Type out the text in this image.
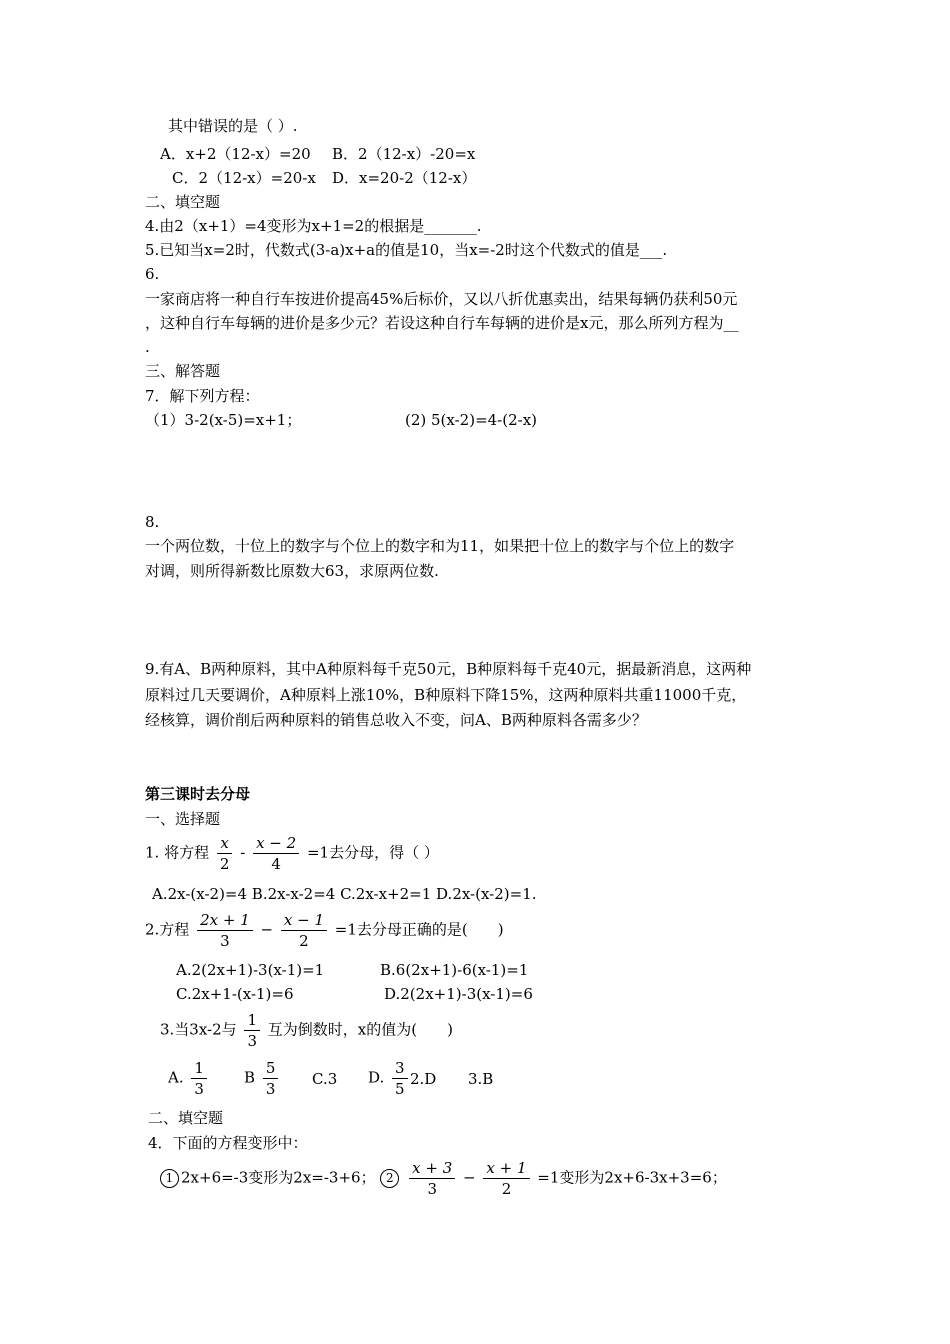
其中错误的是（ ）.
A．x+2（12-x）=20 B．2（12-x）-20=x
C．2（12-x）=20-x D．x=20-2（12-x）
二、填空题
4.由2（x+1）=4变形为x+1=2的根据是_______.
5.已知当x=2时，代数式(3-a)x+a的值是10，当x=-2时这个代数式的值是___.
6.
一家商店将一种自行车按进价提高45%后标价，又以八折优惠卖出，结果每辆仍获利50元
，这种自行车每辆的进价是多少元？若设这种自行车每辆的进价是x元，那么所列方程为__
.
三、解答题
7．解下列方程：
（1）3-2(x-5)=x+1；	(2) 5(x-2)=4-(2-x)
8.
一个两位数，十位上的数字与个位上的数字和为11，如果把十位上的数字与个位上的数字
对调，则所得新数比原数大63，求原两位数.
9.有A、B两种原料，其中A种原料每千克50元，B种原料每千克40元，据最新消息，这两种
原料过几天要调价，A种原料上涨10%，B种原料下降15%，这两种原料共重11000千克，
经核算，调价削后两种原料的销售总收入不变，问A、B两种原料各需多少？
第三课时去分母
一、选择题
1. 将方程 $\frac{x}{2} - \frac{x - 2}{4} =1$去分母，得（ ）
A.2x-(x-2)=4 B.2x-x-2=4 C.2x-x+2=1 D.2x-(x-2)=1.
2.方程 $\frac{2x + 1}{3} - \frac{x - 1}{2} =1$去分母正确的是(　　)
A.2(2x+1)-3(x-1)=1	B.6(2x+1)-6(x-1)=1
C.2x+1-(x-1)=6	D.2(2x+1)-3(x-1)=6
3.当3x-2与 $\frac{1}{3}$ 互为倒数时，x的值为(　　)
A. $\frac{1}{3}$ B $\frac{5}{3} C.3$ D. $\frac{3}{5} 2.D$ 3.B
二、填空题
4．下面的方程变形中：
1 2x+6=-3变形为2x=-3+6； $2 \frac{x + 3}{3} - \frac{x + 1}{2} =1$变形为2x+6-3x+3=6；
